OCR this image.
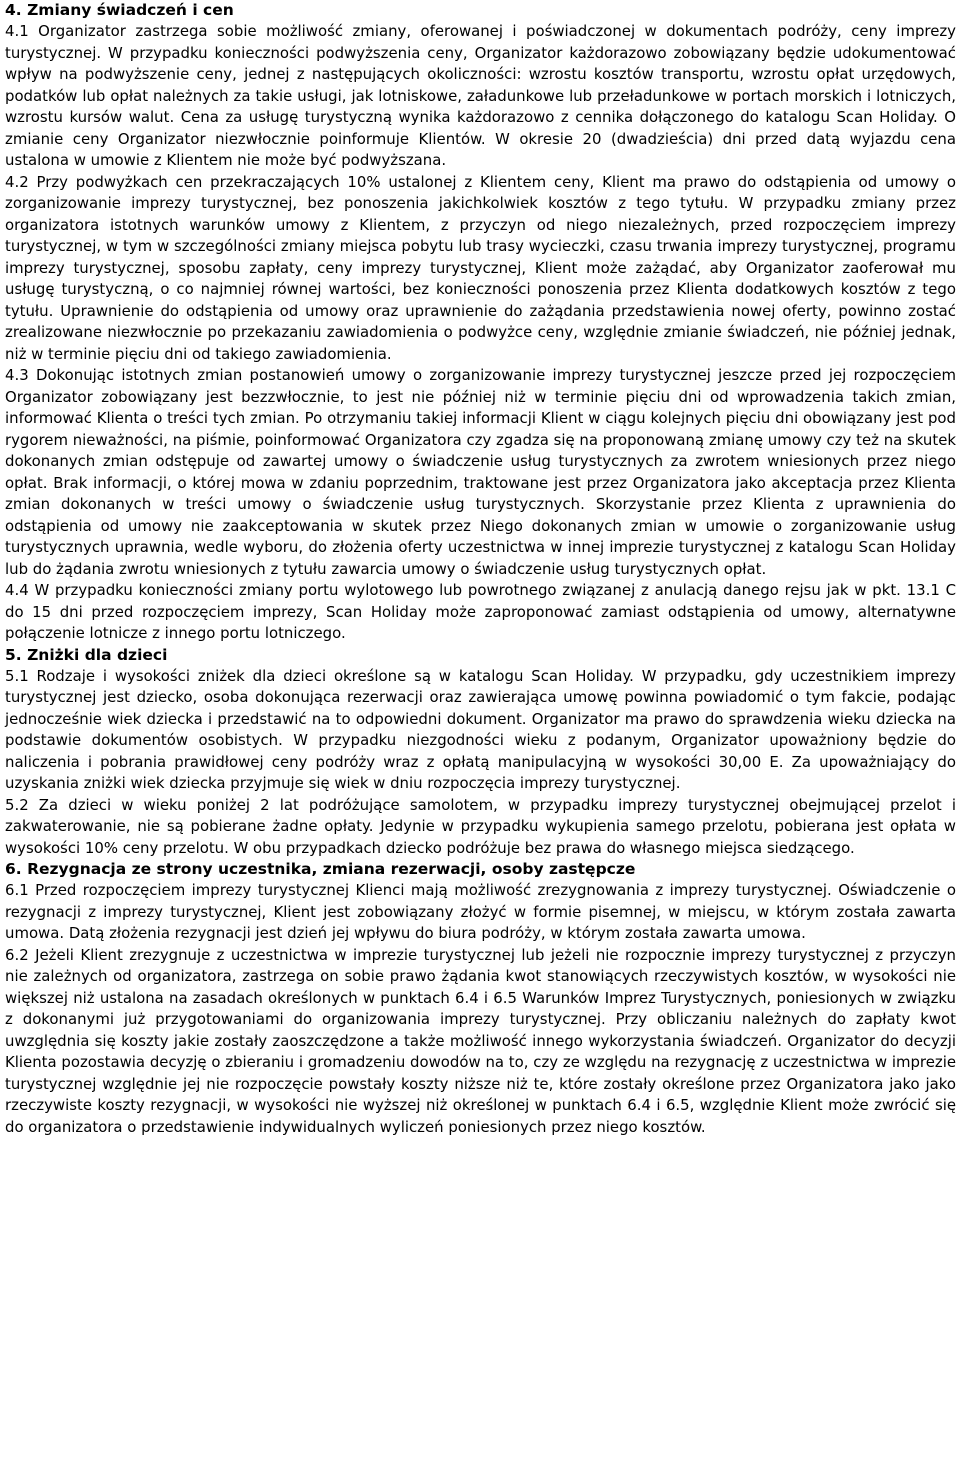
4. Zmiany świadczeń i cen

4.1 Organizator zastrzega sobie możliwość zmiany, oferowanej i poświadczonej w dokumentach podróży, ceny imprezy turystycznej. W przypadku konieczności podwyższenia ceny, Organizator każdorazowo zobowiązany będzie udokumentować wpływ na podwyższenie ceny, jednej z następujących okoliczności: wzrostu kosztów transportu, wzrostu opłat urzędowych, podatków lub opłat należnych za takie usługi, jak lotniskowe, załadunkowe lub przeładunkowe w portach morskich i lotniczych, wzrostu kursów walut. Cena za usługę turystyczną wynika każdorazowo z cennika dołączonego do katalogu Scan Holiday. O zmianie ceny Organizator niezwłocznie poinformuje Klientów. W okresie 20 (dwadzieścia) dni przed datą wyjazdu cena ustalona w umowie z Klientem nie może być podwyższana.

4.2 Przy podwyżkach cen przekraczających 10% ustalonej z Klientem ceny, Klient ma prawo do odstąpienia od umowy o zorganizowanie imprezy turystycznej, bez ponoszenia jakichkolwiek kosztów z tego tytułu. W przypadku zmiany przez organizatora istotnych warunków umowy z Klientem, z przyczyn od niego niezależnych, przed rozpoczęciem imprezy turystycznej, w tym w szczególności zmiany miejsca pobytu lub trasy wycieczki, czasu trwania imprezy turystycznej, programu imprezy turystycznej, sposobu zapłaty, ceny imprezy turystycznej, Klient może zażądać, aby Organizator zaoferował mu usługę turystyczną, o co najmniej równej wartości, bez konieczności ponoszenia przez Klienta dodatkowych kosztów z tego tytułu. Uprawnienie do odstąpienia od umowy oraz uprawnienie do zażądania przedstawienia nowej oferty, powinno zostać zrealizowane niezwłocznie po przekazaniu zawiadomienia o podwyżce ceny, względnie zmianie świadczeń, nie później jednak, niż w terminie pięciu dni od takiego zawiadomienia.

4.3 Dokonując istotnych zmian postanowień umowy o zorganizowanie imprezy turystycznej jeszcze przed jej rozpoczęciem Organizator zobowiązany jest bezzwłocznie, to jest nie później niż w terminie pięciu dni od wprowadzenia takich zmian, informować Klienta o treści tych zmian. Po otrzymaniu takiej informacji Klient w ciągu kolejnych pięciu dni obowiązany jest pod rygorem nieważności, na piśmie, poinformować Organizatora czy zgadza się na proponowaną zmianę umowy czy też na skutek dokonanych zmian odstępuje od zawartej umowy o świadczenie usług turystycznych za zwrotem wniesionych przez niego opłat. Brak informacji, o której mowa w zdaniu poprzednim, traktowane jest przez Organizatora jako akceptacja przez Klienta zmian dokonanych w treści umowy o świadczenie usług turystycznych. Skorzystanie przez Klienta z uprawnienia do odstąpienia od umowy nie zaakceptowania w skutek przez Niego dokonanych zmian w umowie o zorganizowanie usług turystycznych uprawnia, wedle wyboru, do złożenia oferty uczestnictwa w innej imprezie turystycznej z katalogu Scan Holiday lub do żądania zwrotu wniesionych z tytułu zawarcia umowy o świadczenie usług turystycznych opłat.

4.4 W przypadku konieczności zmiany portu wylotowego lub powrotnego związanej z anulacją danego rejsu jak w pkt. 13.1 C do 15 dni przed rozpoczęciem imprezy, Scan Holiday może zaproponować zamiast odstąpienia od umowy, alternatywne połączenie lotnicze z innego portu lotniczego.

5. Zniżki dla dzieci

5.1 Rodzaje i wysokości zniżek dla dzieci określone są w katalogu Scan Holiday. W przypadku, gdy uczestnikiem imprezy turystycznej jest dziecko, osoba dokonująca rezerwacji oraz zawierająca umowę powinna powiadomić o tym fakcie, podając jednocześnie wiek dziecka i przedstawić na to odpowiedni dokument. Organizator ma prawo do sprawdzenia wieku dziecka na podstawie dokumentów osobistych. W przypadku niezgodności wieku z podanym, Organizator upoważniony będzie do naliczenia i pobrania prawidłowej ceny podróży wraz z opłatą manipulacyjną w wysokości 30,00 E. Za upoważniający do uzyskania zniżki wiek dziecka przyjmuje się wiek w dniu rozpoczęcia imprezy turystycznej.

5.2 Za dzieci w wieku poniżej 2 lat podróżujące samolotem, w przypadku imprezy turystycznej obejmującej przelot i zakwaterowanie, nie są pobierane żadne opłaty. Jedynie w przypadku wykupienia samego przelotu, pobierana jest opłata w wysokości 10% ceny przelotu. W obu przypadkach dziecko podróżuje bez prawa do własnego miejsca siedzącego.

6. Rezygnacja ze strony uczestnika, zmiana rezerwacji, osoby zastępcze

6.1 Przed rozpoczęciem imprezy turystycznej Klienci mają możliwość zrezygnowania z imprezy turystycznej. Oświadczenie o rezygnacji z imprezy turystycznej, Klient jest zobowiązany złożyć w formie pisemnej, w miejscu, w którym została zawarta umowa. Datą złożenia rezygnacji jest dzień jej wpływu do biura podróży, w którym została zawarta umowa.

6.2 Jeżeli Klient zrezygnuje z uczestnictwa w imprezie turystycznej lub jeżeli nie rozpocznie imprezy turystycznej z przyczyn nie zależnych od organizatora, zastrzega on sobie prawo żądania kwot stanowiących rzeczywistych kosztów, w wysokości nie większej niż ustalona na zasadach określonych w punktach 6.4 i 6.5 Warunków Imprez Turystycznych, poniesionych w związku z dokonanymi już przygotowaniami do organizowania imprezy turystycznej. Przy obliczaniu należnych do zapłaty kwot uwzględnia się koszty jakie zostały zaoszczędzone a także możliwość innego wykorzystania świadczeń. Organizator do decyzji Klienta pozostawia decyzję o zbieraniu i gromadzeniu dowodów na to, czy ze względu na rezygnację z uczestnictwa w imprezie turystycznej względnie jej nie rozpoczęcie powstały koszty niższe niż te, które zostały określone przez Organizatora jako jako rzeczywiste koszty rezygnacji, w wysokości nie wyższej niż określonej w punktach 6.4 i 6.5, względnie Klient może zwrócić się do organizatora o przedstawienie indywidualnych wyliczeń poniesionych przez niego kosztów.
